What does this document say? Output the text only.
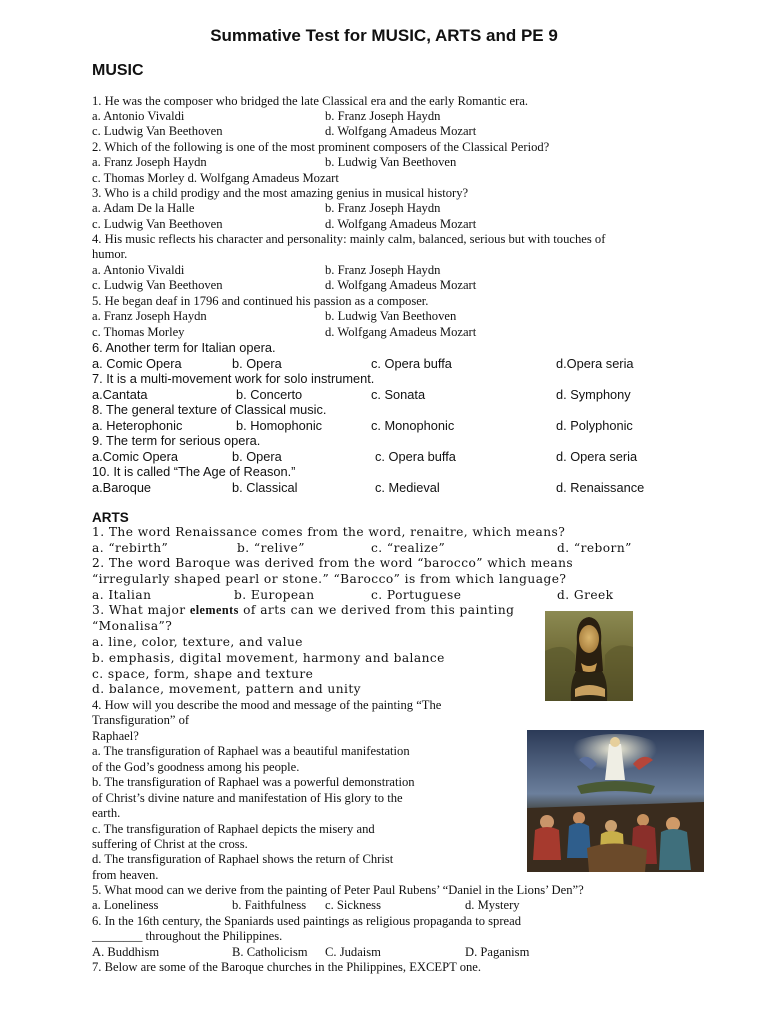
Summative Test for MUSIC, ARTS and PE 9
MUSIC
ARTS
1. He was the composer who bridged the late Classical era and the early Romantic era.
a. Antonio Vivaldi	b. Franz Joseph Haydn
c. Ludwig Van Beethoven	d. Wolfgang Amadeus Mozart
2. Which of the following is one of the most prominent composers of the Classical Period?
a. Franz Joseph Haydn	b. Ludwig Van Beethoven
c. Thomas Morley d. Wolfgang Amadeus Mozart
3. Who is a child prodigy and the most amazing genius in musical history?
a. Adam De la Halle	b. Franz Joseph Haydn
c. Ludwig Van Beethoven	d. Wolfgang Amadeus Mozart
4. His music reflects his character and personality: mainly calm, balanced, serious but with touches of
humor.
a. Antonio Vivaldi	b. Franz Joseph Haydn
c. Ludwig Van Beethoven	d. Wolfgang Amadeus Mozart
5. He began deaf in 1796 and continued his passion as a composer.
a. Franz Joseph Haydn	b. Ludwig Van Beethoven
c. Thomas Morley	d. Wolfgang Amadeus Mozart
6. Another term for Italian opera.
a. Comic Opera	b. Opera	c. Opera buffa	d.Opera seria
7. It is a multi-movement work for solo instrument.
a.Cantata	b. Concerto	c. Sonata	d. Symphony
8. The general texture of Classical music.
a. Heterophonic	b. Homophonic	c. Monophonic	d. Polyphonic
9. The term for serious opera.
a.Comic Opera	b. Opera	c. Opera buffa	d. Opera seria
10. It is called “The Age of Reason.”
a.Baroque	b. Classical	c. Medieval	d. Renaissance
1. The word Renaissance comes from the word, renaitre, which means?
a. “rebirth”	b. “relive”	c. “realize”	d. “reborn”
2. The word Baroque was derived from the word “barocco” which means
“irregularly shaped pearl or stone.” “Barocco” is from which language?
a. Italian	b. European	c. Portuguese	d. Greek
3. What major elements of arts can we derived from this painting
“Monalisa”?
a. line, color, texture, and value
b. emphasis, digital movement, harmony and balance
c. space, form, shape and texture
d. balance, movement, pattern and unity
4. How will you describe the mood and message of the painting “The
Transfiguration” of
Raphael?
a. The transfiguration of Raphael was a beautiful manifestation
of the God’s goodness among his people.
b. The transfiguration of Raphael was a powerful demonstration
of Christ’s divine nature and manifestation of His glory to the
earth.
c. The transfiguration of Raphael depicts the misery and
suffering of Christ at the cross.
d. The transfiguration of Raphael shows the return of Christ
from heaven.
5. What mood can we derive from the painting of Peter Paul Rubens’ “Daniel in the Lions’ Den”?
a. Loneliness	b. Faithfulness c. Sickness	d. Mystery
6. In the 16th century, the Spaniards used paintings as religious propaganda to spread
________ throughout the Philippines.
A. Buddhism	B. Catholicism C. Judaism	D. Paganism
7. Below are some of the Baroque churches in the Philippines, EXCEPT one.
